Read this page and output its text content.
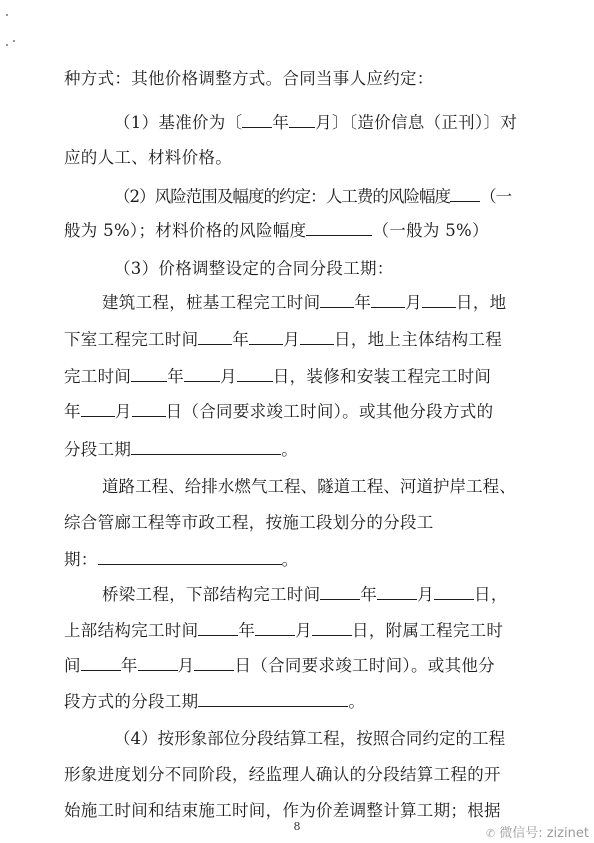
种方式：其他价格调整方式。合同当事人应约定：
（1）基准价为〔 年 月〕〔造价信息（正刊）〕对
应的人工、材料价格。
（2）风险范围及幅度的约定：人工费的风险幅度 （一
般为 5%）；材料价格的风险幅度	（一般为 5%）
（3）价格调整设定的合同分段工期：
建筑工程，桩基工程完工时间 年 月 日，地
下室工程完工时间 年 月 日，地上主体结构工程
完工时间 年 月 日，装修和安装工程完工时间
年 月 日（合同要求竣工时间）。或其他分段方式的
分段工期	。
道路工程、给排水燃气工程、隧道工程、河道护岸工程、
综合管廊工程等市政工程，按施工段划分的分段工
期：	。
桥梁工程，下部结构完工时间 年 月 日，
上部结构完工时间 年 月 日，附属工程完工时
间 年 月 日（合同要求竣工时间）。或其他分
段方式的分段工期	。
（4）按形象部位分段结算工程，按照合同约定的工程
形象进度划分不同阶段，经监理人确认的分段结算工程的开
始施工时间和结束施工时间，作为价差调整计算工期；根据
8
✆ 微信号: zizinet
